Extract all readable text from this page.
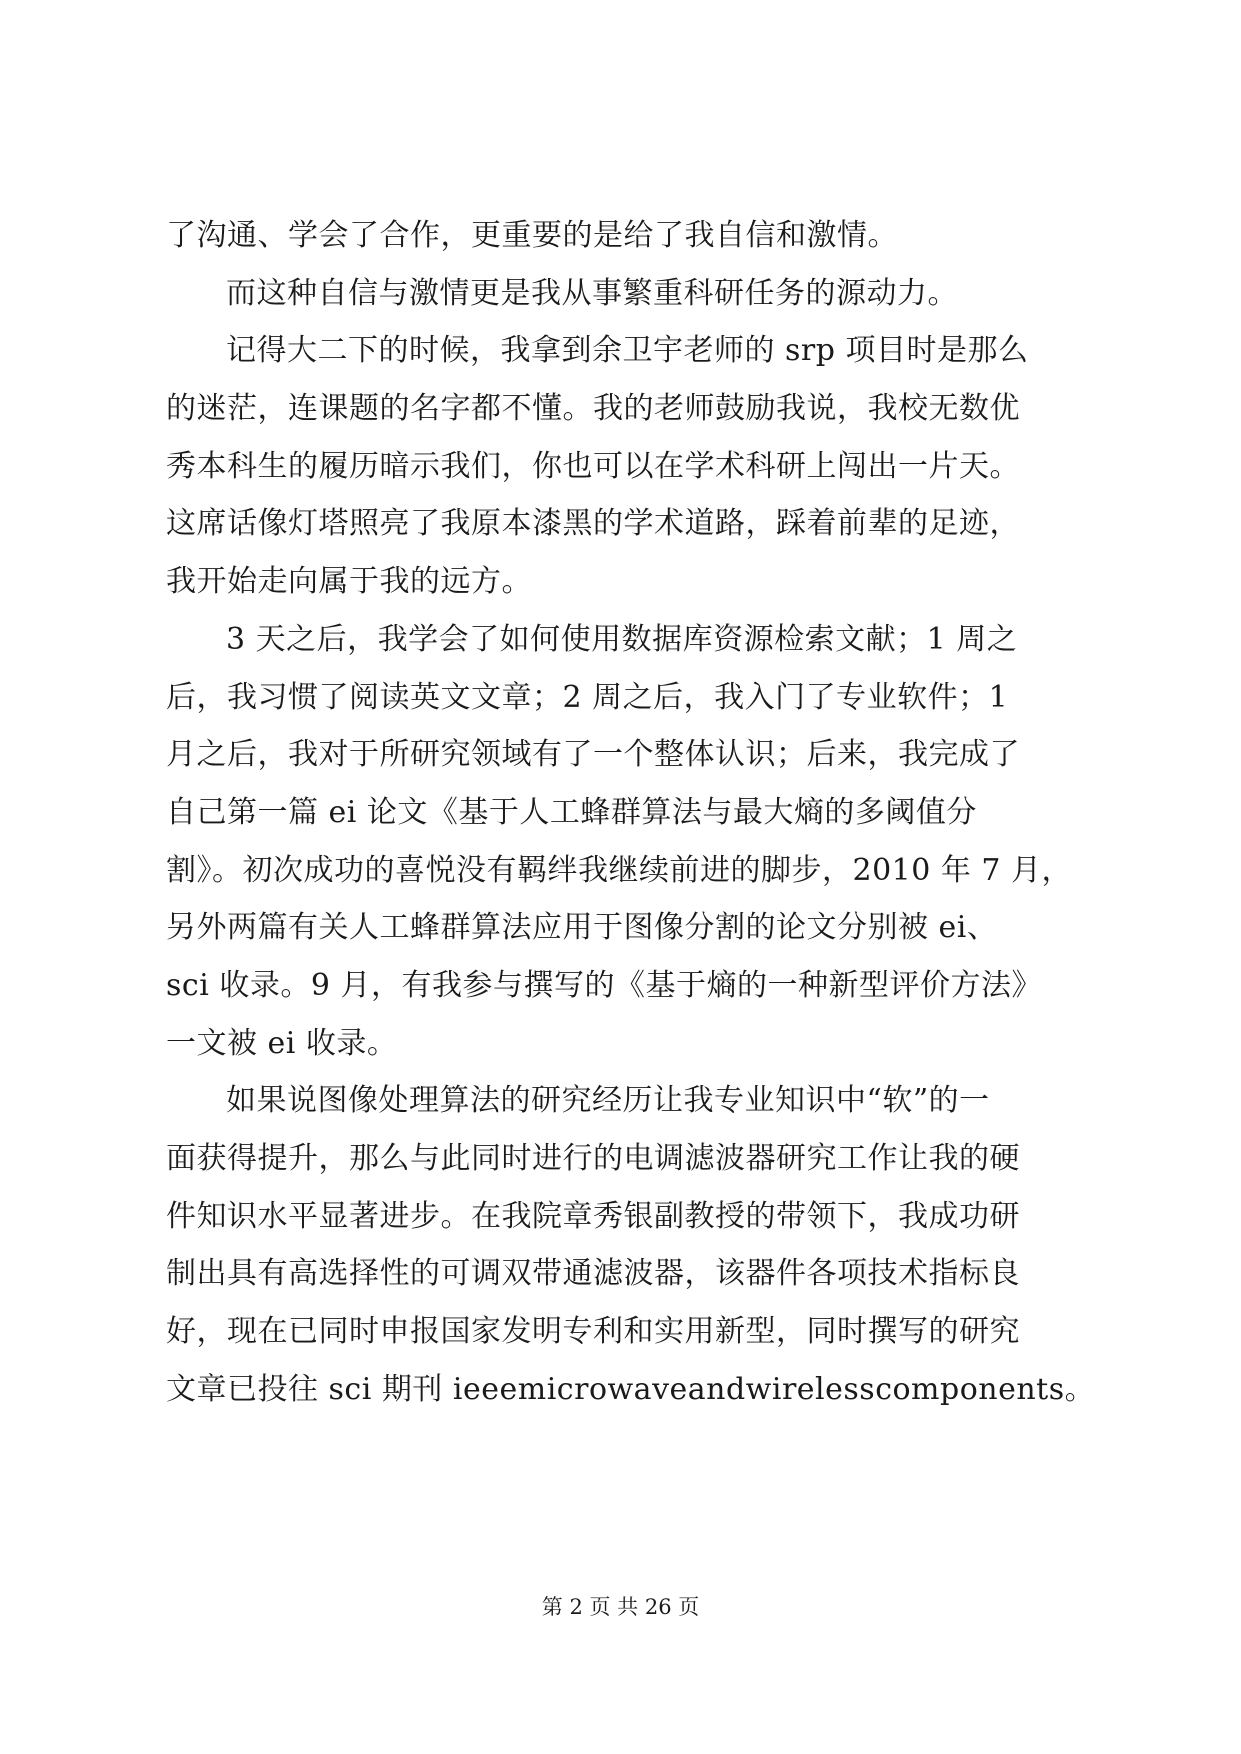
了沟通、学会了合作，更重要的是给了我自信和激情。
而这种自信与激情更是我从事繁重科研任务的源动力。
记得大二下的时候，我拿到余卫宇老师的 srp 项目时是那么
的迷茫，连课题的名字都不懂。我的老师鼓励我说，我校无数优
秀本科生的履历暗示我们，你也可以在学术科研上闯出一片天。
这席话像灯塔照亮了我原本漆黑的学术道路，踩着前辈的足迹，
我开始走向属于我的远方。
3 天之后，我学会了如何使用数据库资源检索文献；1 周之
后，我习惯了阅读英文文章；2 周之后，我入门了专业软件；1
月之后，我对于所研究领域有了一个整体认识；后来，我完成了
自己第一篇 ei 论文《基于人工蜂群算法与最大熵的多阈值分
割》。初次成功的喜悦没有羁绊我继续前进的脚步，2010 年 7 月，
另外两篇有关人工蜂群算法应用于图像分割的论文分别被 ei、
sci 收录。9 月，有我参与撰写的《基于熵的一种新型评价方法》
一文被 ei 收录。
如果说图像处理算法的研究经历让我专业知识中“软”的一
面获得提升，那么与此同时进行的电调滤波器研究工作让我的硬
件知识水平显著进步。在我院章秀银副教授的带领下，我成功研
制出具有高选择性的可调双带通滤波器，该器件各项技术指标良
好，现在已同时申报国家发明专利和实用新型，同时撰写的研究
文章已投往 sci 期刊 ieeemicrowaveandwirelesscomponents。
第 2 页 共 26 页
